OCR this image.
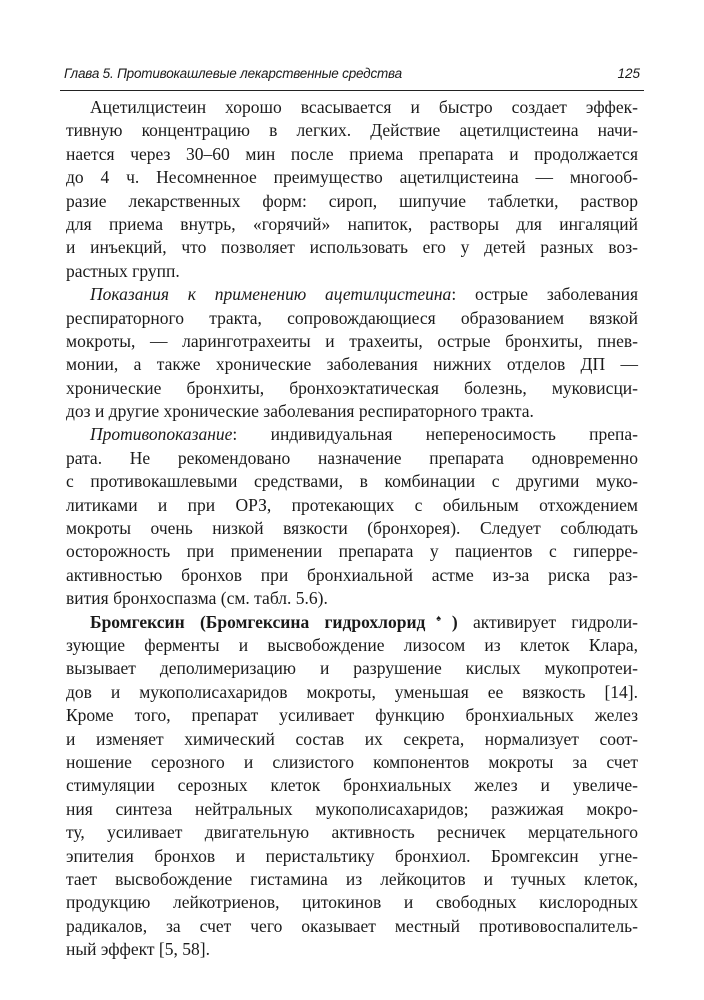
Глава 5. Противокашлевые лекарственные средства	125
Ацетилцистеин хорошо всасывается и быстро создает эффек-
тивную концентрацию в легких. Действие ацетилцистеина начи-
нается через 30–60 мин после приема препарата и продолжается
до 4 ч. Несомненное преимущество ацетилцистеина — многооб-
разие лекарственных форм: сироп, шипучие таблетки, раствор
для приема внутрь, «горячий» напиток, растворы для ингаляций
и инъекций, что позволяет использовать его у детей разных воз-
растных групп.
Показания к применению ацетилцистеина: острые заболевания
респираторного тракта, сопровождающиеся образованием вязкой
мокроты, — ларинготрахеиты и трахеиты, острые бронхиты, пнев-
монии, а также хронические заболевания нижних отделов ДП —
хронические бронхиты, бронхоэктатическая болезнь, муковисци-
доз и другие хронические заболевания респираторного тракта.
Противопоказание: индивидуальная непереносимость препа-
рата. Не рекомендовано назначение препарата одновременно
с противокашлевыми средствами, в комбинации с другими муко-
литиками и при ОРЗ, протекающих с обильным отхождением
мокроты очень низкой вязкости (бронхорея). Следует соблюдать
осторожность при применении препарата у пациентов с гиперре-
активностью бронхов при бронхиальной астме из-за риска раз-
вития бронхоспазма (см. табл. 5.6).
Бромгексин (Бромгексина гидрохлорид♠) активирует гидроли-
зующие ферменты и высвобождение лизосом из клеток Клара,
вызывает деполимеризацию и разрушение кислых мукопротеи-
дов и мукополисахаридов мокроты, уменьшая ее вязкость [14].
Кроме того, препарат усиливает функцию бронхиальных желез
и изменяет химический состав их секрета, нормализует соот-
ношение серозного и слизистого компонентов мокроты за счет
стимуляции серозных клеток бронхиальных желез и увеличе-
ния синтеза нейтральных мукополисахаридов; разжижая мокро-
ту, усиливает двигательную активность ресничек мерцательного
эпителия бронхов и перистальтику бронхиол. Бромгексин угне-
тает высвобождение гистамина из лейкоцитов и тучных клеток,
продукцию лейкотриенов, цитокинов и свободных кислородных
радикалов, за счет чего оказывает местный противовоспалитель-
ный эффект [5, 58].
